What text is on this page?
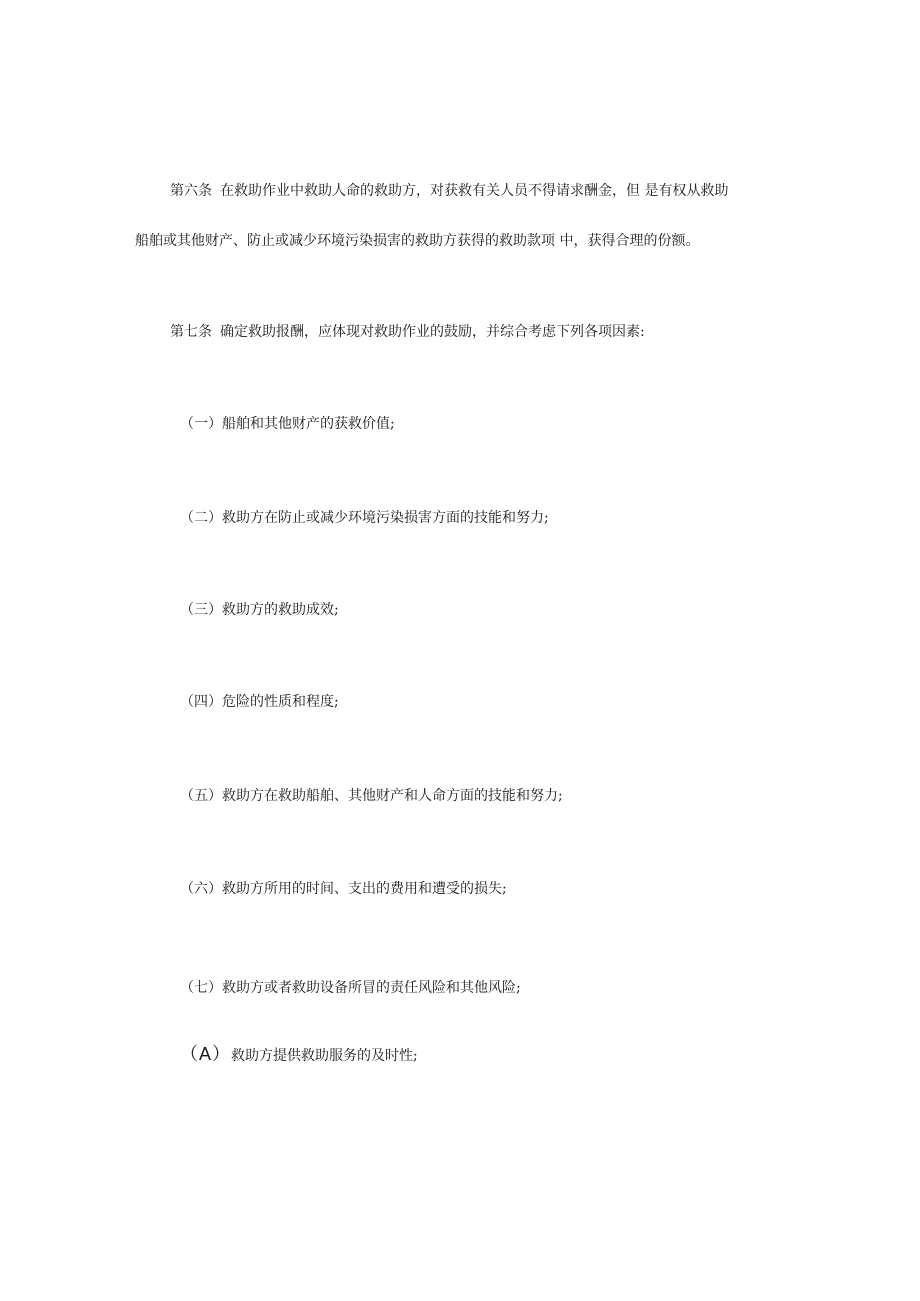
第六条 在救助作业中救助人命的救助方，对获救有关人员不得请求酬金，但 是有权从救助

船舶或其他财产、防止或减少环境污染损害的救助方获得的救助款项 中，获得合理的份额。

第七条 确定救助报酬，应体现对救助作业的鼓励，并综合考虑下列各项因素:

（一）船舶和其他财产的获救价值;

（二）救助方在防止或减少环境污染损害方面的技能和努力;

（三）救助方的救助成效;

（四）危险的性质和程度;

（五）救助方在救助船舶、其他财产和人命方面的技能和努力;

（六）救助方所用的时间、支出的费用和遭受的损失;

（七）救助方或者救助设备所冒的责任风险和其他风险;

（A）救助方提供救助服务的及时性;
